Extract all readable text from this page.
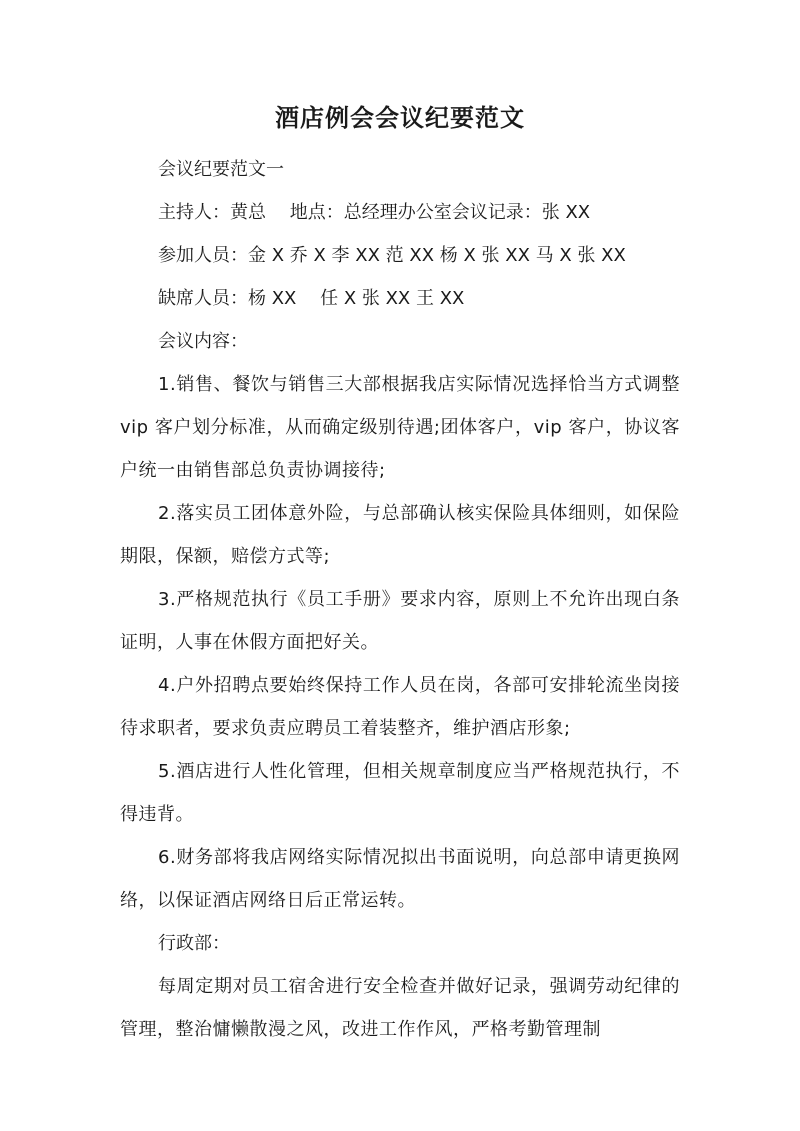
酒店例会会议纪要范文

会议纪要范文一

主持人：黄总　 地点：总经理办公室会议记录：张 XX

参加人员：金 X 乔 X 李 XX 范 XX 杨 X 张 XX 马 X 张 XX

缺席人员：杨 XX　 任 X 张 XX 王 XX

会议内容：

1.销售、餐饮与销售三大部根据我店实际情况选择恰当方式调整 vip 客户划分标准，从而确定级别待遇;团体客户，vip 客户，协议客户统一由销售部总负责协调接待;

2.落实员工团体意外险，与总部确认核实保险具体细则，如保险期限，保额，赔偿方式等;

3.严格规范执行《员工手册》要求内容，原则上不允许出现白条证明，人事在休假方面把好关。

4.户外招聘点要始终保持工作人员在岗，各部可安排轮流坐岗接待求职者，要求负责应聘员工着装整齐，维护酒店形象;

5.酒店进行人性化管理，但相关规章制度应当严格规范执行，不得违背。

6.财务部将我店网络实际情况拟出书面说明，向总部申请更换网络，以保证酒店网络日后正常运转。

行政部：

每周定期对员工宿舍进行安全检查并做好记录，强调劳动纪律的管理，整治慵懒散漫之风，改进工作作风，严格考勤管理制
